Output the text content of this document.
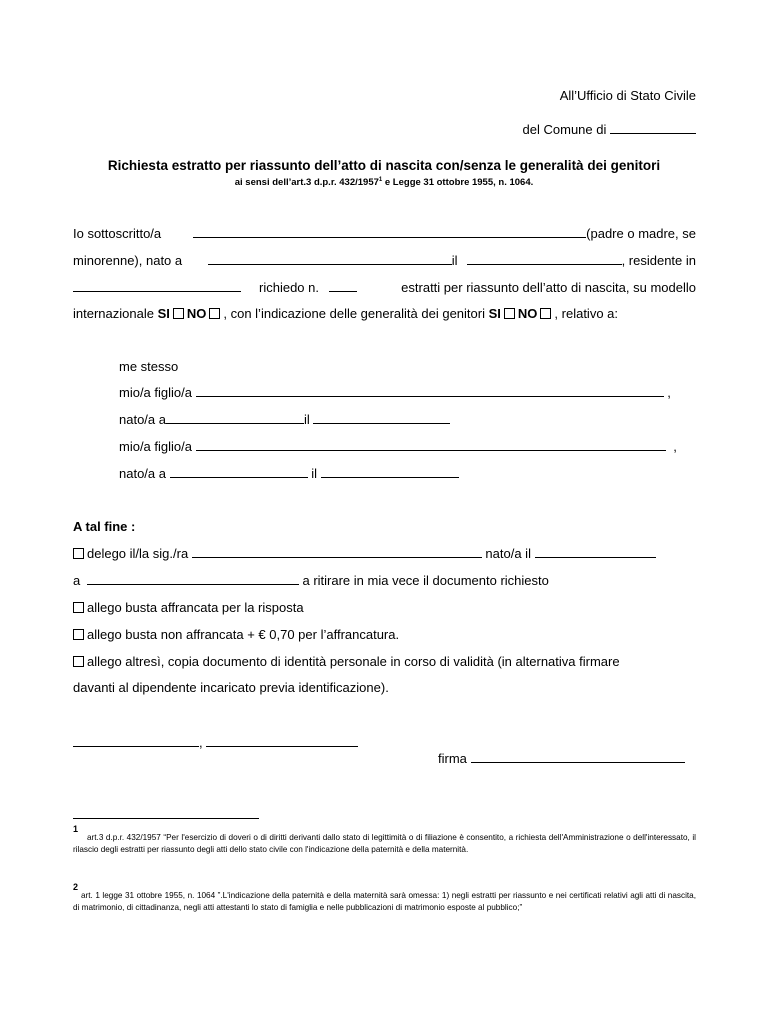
All’Ufficio di Stato Civile
del Comune di
Richiesta estratto per riassunto dell’atto di nascita con/senza le generalità dei genitori
ai sensi dell’art.3 d.p.r. 432/1957$^1$ e Legge 31 ottobre 1955, n. 1064.
Io sottoscritto/a	(padre o madre, se
minorenne), nato a	il	, residente in
richiedo n.	estratti per riassunto dell’atto di nascita, su modello
internazionale SI NO , con l’indicazione delle generalità dei genitori SI NO , relativo a:
me stesso
mio/a figlio/a	,
nato/a a	il
mio/a figlio/a	,
nato/a a	il
A tal fine :
delego il/la sig./ra	nato/a il
a	a ritirare in mia vece il documento richiesto
allego busta affrancata per la risposta
allego busta non affrancata + € 0,70 per l’affrancatura.
allego altresì, copia documento di identità personale in corso di validità (in alternativa firmare
davanti al dipendente incaricato previa identificazione).
,
firma
1
art.3 d.p.r. 432/1957 “Per l'esercizio di doveri o di diritti derivanti dallo stato di legittimità o di filiazione è consentito, a richiesta dell'Amministrazione o dell'interessato, il rilascio degli estratti per riassunto degli atti dello stato civile con l'indicazione della paternità e della maternità.
2
art. 1 legge 31 ottobre 1955, n. 1064 ”.L'indicazione della paternità e della maternità sarà omessa: 1) negli estratti per riassunto e nei certificati relativi agli atti di nascita, di matrimonio, di cittadinanza, negli atti attestanti lo stato di famiglia e nelle pubblicazioni di matrimonio esposte al pubblico;”
